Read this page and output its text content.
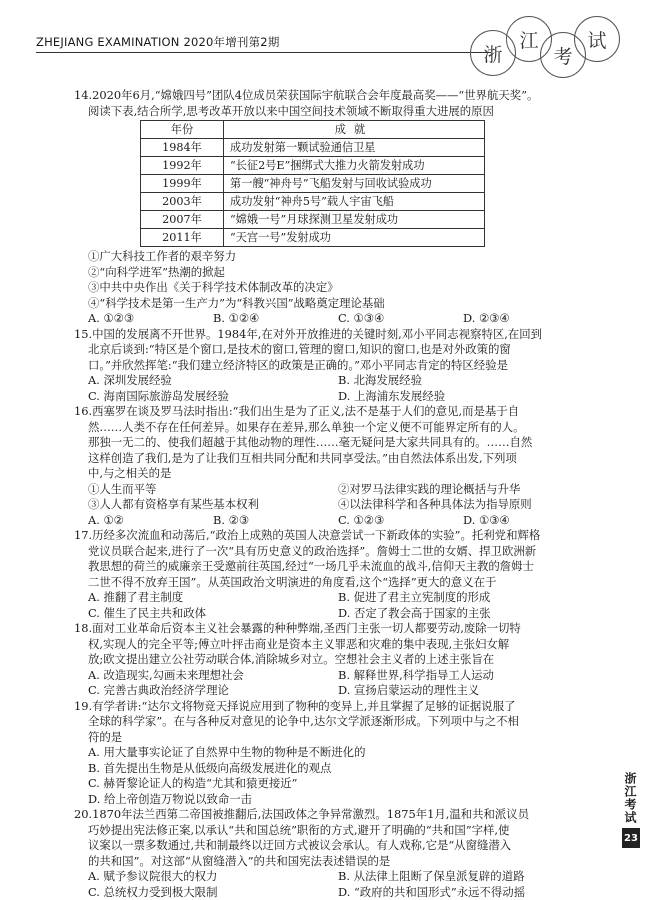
ZHEJIANG EXAMINATION 2020年增刊第2期
浙
江
考
试
14.2020年6月,“嫦娥四号”团队4位成员荣获国际宇航联合会年度最高奖——“世界航天奖”。
阅读下表,结合所学,思考改革开放以来中国空间技术领域不断取得重大进展的原因
年份	成就
1984年	成功发射第一颗试验通信卫星
1992年	“长征2号E”捆绑式大推力火箭发射成功
1999年	第一艘“神舟号”飞船发射与回收试验成功
2003年	成功发射“神舟5号”载人宇宙飞船
2007年	“嫦娥一号”月球探测卫星发射成功
2011年	“天宫一号”发射成功
①广大科技工作者的艰辛努力
②“向科学进军”热潮的掀起
③中共中央作出《关于科学技术体制改革的决定》
④“科学技术是第一生产力”为“科教兴国”战略奠定理论基础
A. ①②③	B. ①②④	C. ①③④	D. ②③④
15.中国的发展离不开世界。1984年,在对外开放推进的关键时刻,邓小平同志视察特区,在回到
北京后谈到:“特区是个窗口,是技术的窗口,管理的窗口,知识的窗口,也是对外政策的窗
口。”并欣然挥笔:“我们建立经济特区的政策是正确的。”邓小平同志肯定的特区经验是
A. 深圳发展经验	B. 北海发展经验
C. 海南国际旅游岛发展经验	D. 上海浦东发展经验
16.西塞罗在谈及罗马法时指出:“我们出生是为了正义,法不是基于人们的意见,而是基于自
然……人类不存在任何差异。如果存在差异,那么单独一个定义便不可能界定所有的人。
那独一无二的、使我们超越于其他动物的理性……毫无疑问是大家共同具有的。……自然
这样创造了我们,是为了让我们互相共同分配和共同享受法。”由自然法体系出发,下列项
中,与之相关的是
①人生而平等	②对罗马法律实践的理论概括与升华
③人人都有资格享有某些基本权利	④以法律科学和各种具体法为指导原则
A. ①②	B. ②③	C. ①②③	D. ①③④
17.历经多次流血和动荡后,“政治上成熟的英国人决意尝试一下新政体的实验”。托利党和辉格
党议员联合起来,进行了一次“具有历史意义的政治选择”。詹姆士二世的女婿、捍卫欧洲新
教思想的荷兰的威廉亲王受邀前往英国,经过“一场几乎未流血的战斗,信仰天主教的詹姆士
二世不得不放弃王国”。从英国政治文明演进的角度看,这个“选择”更大的意义在于
A. 推翻了君主制度	B. 促进了君主立宪制度的形成
C. 催生了民主共和政体	D. 否定了教会高于国家的主张
18.面对工业革命后资本主义社会暴露的种种弊端,圣西门主张一切人都要劳动,废除一切特
权,实现人的完全平等;傅立叶抨击商业是资本主义罪恶和灾难的集中表现,主张妇女解
放;欧文提出建立公社劳动联合体,消除城乡对立。空想社会主义者的上述主张旨在
A. 改造现实,勾画未来理想社会	B. 解释世界,科学指导工人运动
C. 完善古典政治经济学理论	D. 宣扬启蒙运动的理性主义
19.有学者讲:“达尔文将物竞天择说应用到了物种的变异上,并且掌握了足够的证据说服了
全球的科学家”。在与各种反对意见的论争中,达尔文学派逐渐形成。下列项中与之不相
符的是
A. 用大量事实论证了自然界中生物的物种是不断进化的
B. 首先提出生物是从低级向高级发展进化的观点
C. 赫胥黎论证人的构造“尤其和猿更接近”
D. 给上帝创造万物说以致命一击
20.1870年法兰西第二帝国被推翻后,法国政体之争异常激烈。1875年1月,温和共和派议员
巧妙提出宪法修正案,以承认“共和国总统”职衔的方式,避开了明确的“共和国”字样,使
议案以一票多数通过,共和制最终以迂回方式被议会承认。有人戏称,它是“从窗缝潜入
的共和国”。对这部“从窗缝潜入”的共和国宪法表述错误的是
A. 赋予参议院很大的权力	B. 从法律上阻断了保皇派复辟的道路
C. 总统权力受到极大限制	D. “政府的共和国形式”永远不得动摇
浙江考试
23
